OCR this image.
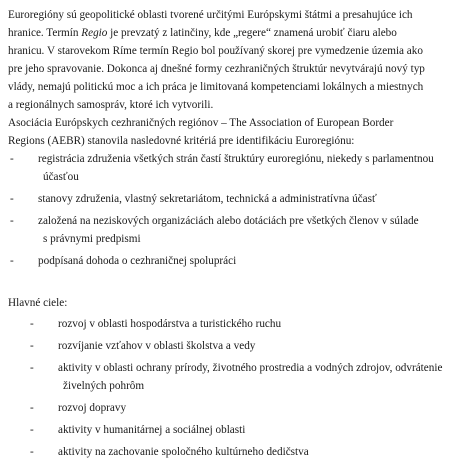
Euroregióny sú geopolitické oblasti tvorené určitými Európskymi štátmi a presahujúce ich
hranice. Termín Regio je prevzatý z latinčiny, kde „regere“ znamená urobiť čiaru alebo
hranicu. V starovekom Ríme termín Regio bol používaný skorej pre vymedzenie územia ako
pre jeho spravovanie. Dokonca aj dnešné formy cezhraničných štruktúr nevytvárajú nový typ
vlády, nemajú politickú moc a ich práca je limitovaná kompetenciami lokálnych a miestnych
a regionálnych samospráv, ktoré ich vytvorili.

Asociácia Európskych cezhraničných regiónov – The Association of European Border
Regions (AEBR) stanovila nasledovné kritériá pre identifikáciu Euroregiónu:

- registrácia združenia všetkých strán častí štruktúry euroregiónu, niekedy s parlamentnou
účasťou
- stanovy združenia, vlastný sekretariátom, technická a administratívna účasť
- založená na neziskových organizáciách alebo dotáciách pre všetkých členov v súlade
s právnymi predpismi
- podpísaná dohoda o cezhraničnej spolupráci

Hlavné ciele:

- rozvoj v oblasti hospodárstva a turistického ruchu
- rozvíjanie vzťahov v oblasti školstva a vedy
- aktivity v oblasti ochrany prírody, životného prostredia a vodných zdrojov, odvrátenie
živelných pohrôm
- rozvoj dopravy
- aktivity v humanitárnej a sociálnej oblasti
- aktivity na zachovanie spoločného kultúrneho dedičstva
